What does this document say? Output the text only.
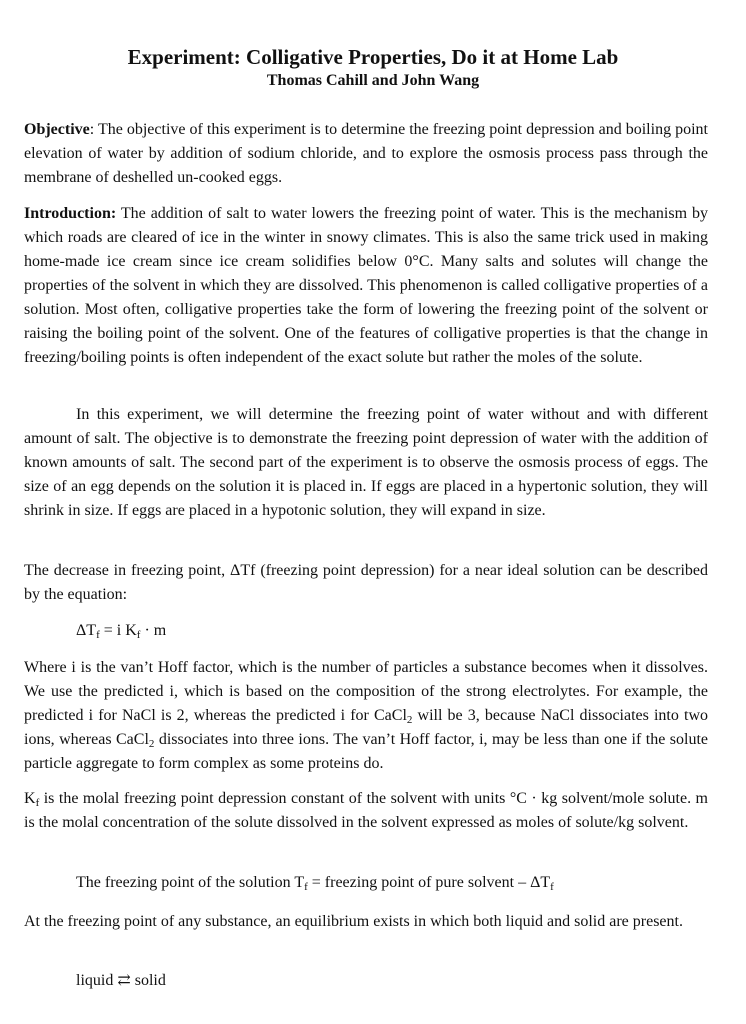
Experiment: Colligative Properties, Do it at Home Lab
Thomas Cahill and John Wang
Objective: The objective of this experiment is to determine the freezing point depression and boiling point elevation of water by addition of sodium chloride, and to explore the osmosis process pass through the membrane of deshelled un-cooked eggs.
Introduction: The addition of salt to water lowers the freezing point of water. This is the mechanism by which roads are cleared of ice in the winter in snowy climates. This is also the same trick used in making home-made ice cream since ice cream solidifies below 0°C. Many salts and solutes will change the properties of the solvent in which they are dissolved. This phenomenon is called colligative properties of a solution. Most often, colligative properties take the form of lowering the freezing point of the solvent or raising the boiling point of the solvent. One of the features of colligative properties is that the change in freezing/boiling points is often independent of the exact solute but rather the moles of the solute.
In this experiment, we will determine the freezing point of water without and with different amount of salt. The objective is to demonstrate the freezing point depression of water with the addition of known amounts of salt. The second part of the experiment is to observe the osmosis process of eggs. The size of an egg depends on the solution it is placed in. If eggs are placed in a hypertonic solution, they will shrink in size. If eggs are placed in a hypotonic solution, they will expand in size.
The decrease in freezing point, ΔTf (freezing point depression) for a near ideal solution can be described by the equation:
$\Delta T_f = i$ $K_f \cdot m$
Where i is the van’t Hoff factor, which is the number of particles a substance becomes when it dissolves. We use the predicted i, which is based on the composition of the strong electrolytes. For example, the predicted i for NaCl is 2, whereas the predicted i for CaCl$_2$ will be 3, because NaCl dissociates into two ions, whereas CaCl$_2$ dissociates into three ions. The van’t Hoff factor, i, may be less than one if the solute particle aggregate to form complex as some proteins do.
$K_f$ is the molal freezing point depression constant of the solvent with units °C · kg solvent/mole solute. m is the molal concentration of the solute dissolved in the solvent expressed as moles of solute/kg solvent.
The freezing point of the solution $T_f$ = freezing point of pure solvent – $\Delta T_f$
At the freezing point of any substance, an equilibrium exists in which both liquid and solid are present.
liquid ⇄ solid
